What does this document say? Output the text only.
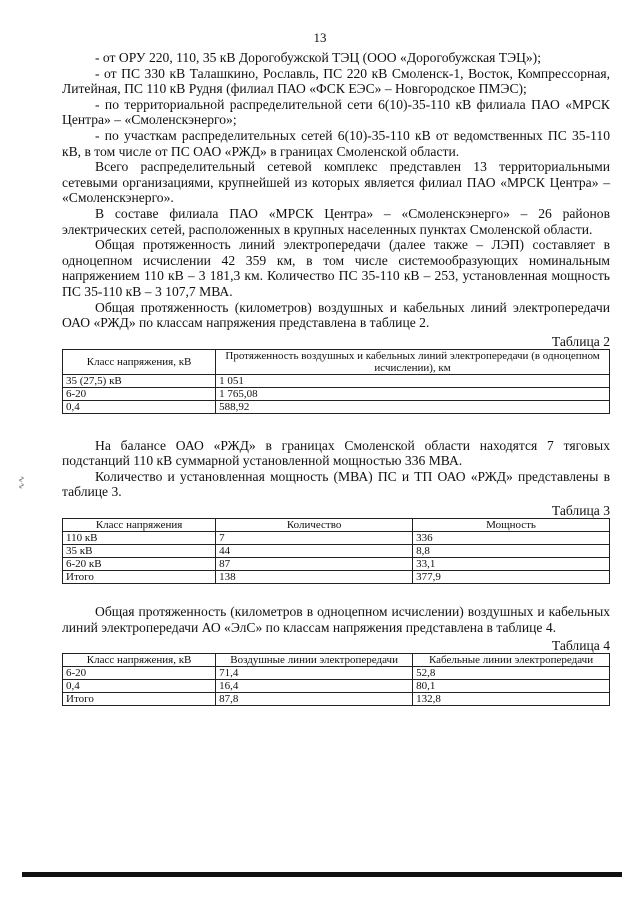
13

- от ОРУ 220, 110, 35 кВ Дорогобужской ТЭЦ (ООО «Дорогобужская ТЭЦ»);

- от ПС 330 кВ Талашкино, Рославль, ПС 220 кВ Смоленск-1, Восток, Компрессорная, Литейная, ПС 110 кВ Рудня (филиал ПАО «ФСК ЕЭС» – Новгородское ПМЭС);

- по территориальной распределительной сети 6(10)-35-110 кВ филиала ПАО «МРСК Центра» – «Смоленскэнерго»;

- по участкам распределительных сетей 6(10)-35-110 кВ от ведомственных ПС 35-110 кВ, в том числе от ПС ОАО «РЖД» в границах Смоленской области.

Всего распределительный сетевой комплекс представлен 13 территориальными сетевыми организациями, крупнейшей из которых является филиал ПАО «МРСК Центра» – «Смоленскэнерго».

В составе филиала ПАО «МРСК Центра» – «Смоленскэнерго» – 26 районов электрических сетей, расположенных в крупных населенных пунктах Смоленской области.

Общая протяженность линий электропередачи (далее также – ЛЭП) составляет в одноцепном исчислении 42 359 км, в том числе системообразующих номинальным напряжением 110 кВ – 3 181,3 км. Количество ПС 35-110 кВ – 253, установленная мощность ПС 35-110 кВ – 3 107,7 МВА.

Общая протяженность (километров) воздушных и кабельных линий электропередачи ОАО «РЖД» по классам напряжения представлена в таблице 2.

Таблица 2
Класс напряжения, кВ	Протяженность воздушных и кабельных линий электропередачи (в одноцепном исчислении), км
35 (27,5) кВ	1 051
6-20	1 765,08
0,4	588,92

На балансе ОАО «РЖД» в границах Смоленской области находятся 7 тяговых подстанций 110 кВ суммарной установленной мощностью 336 МВА.

Количество и установленная мощность (МВА) ПС и ТП ОАО «РЖД» представлены в таблице 3.

Таблица 3
Класс напряжения	Количество	Мощность
110 кВ	7	336
35 кВ	44	8,8
6-20 кВ	87	33,1
Итого	138	377,9

Общая протяженность (километров в одноцепном исчислении) воздушных и кабельных линий электропередачи АО «ЭлС» по классам напряжения представлена в таблице 4.

Таблица 4
Класс напряжения, кВ	Воздушные линии электропередачи	Кабельные линии электропередачи
6-20	71,4	52,8
0,4	16,4	80,1
Итого	87,8	132,8
∿∿
